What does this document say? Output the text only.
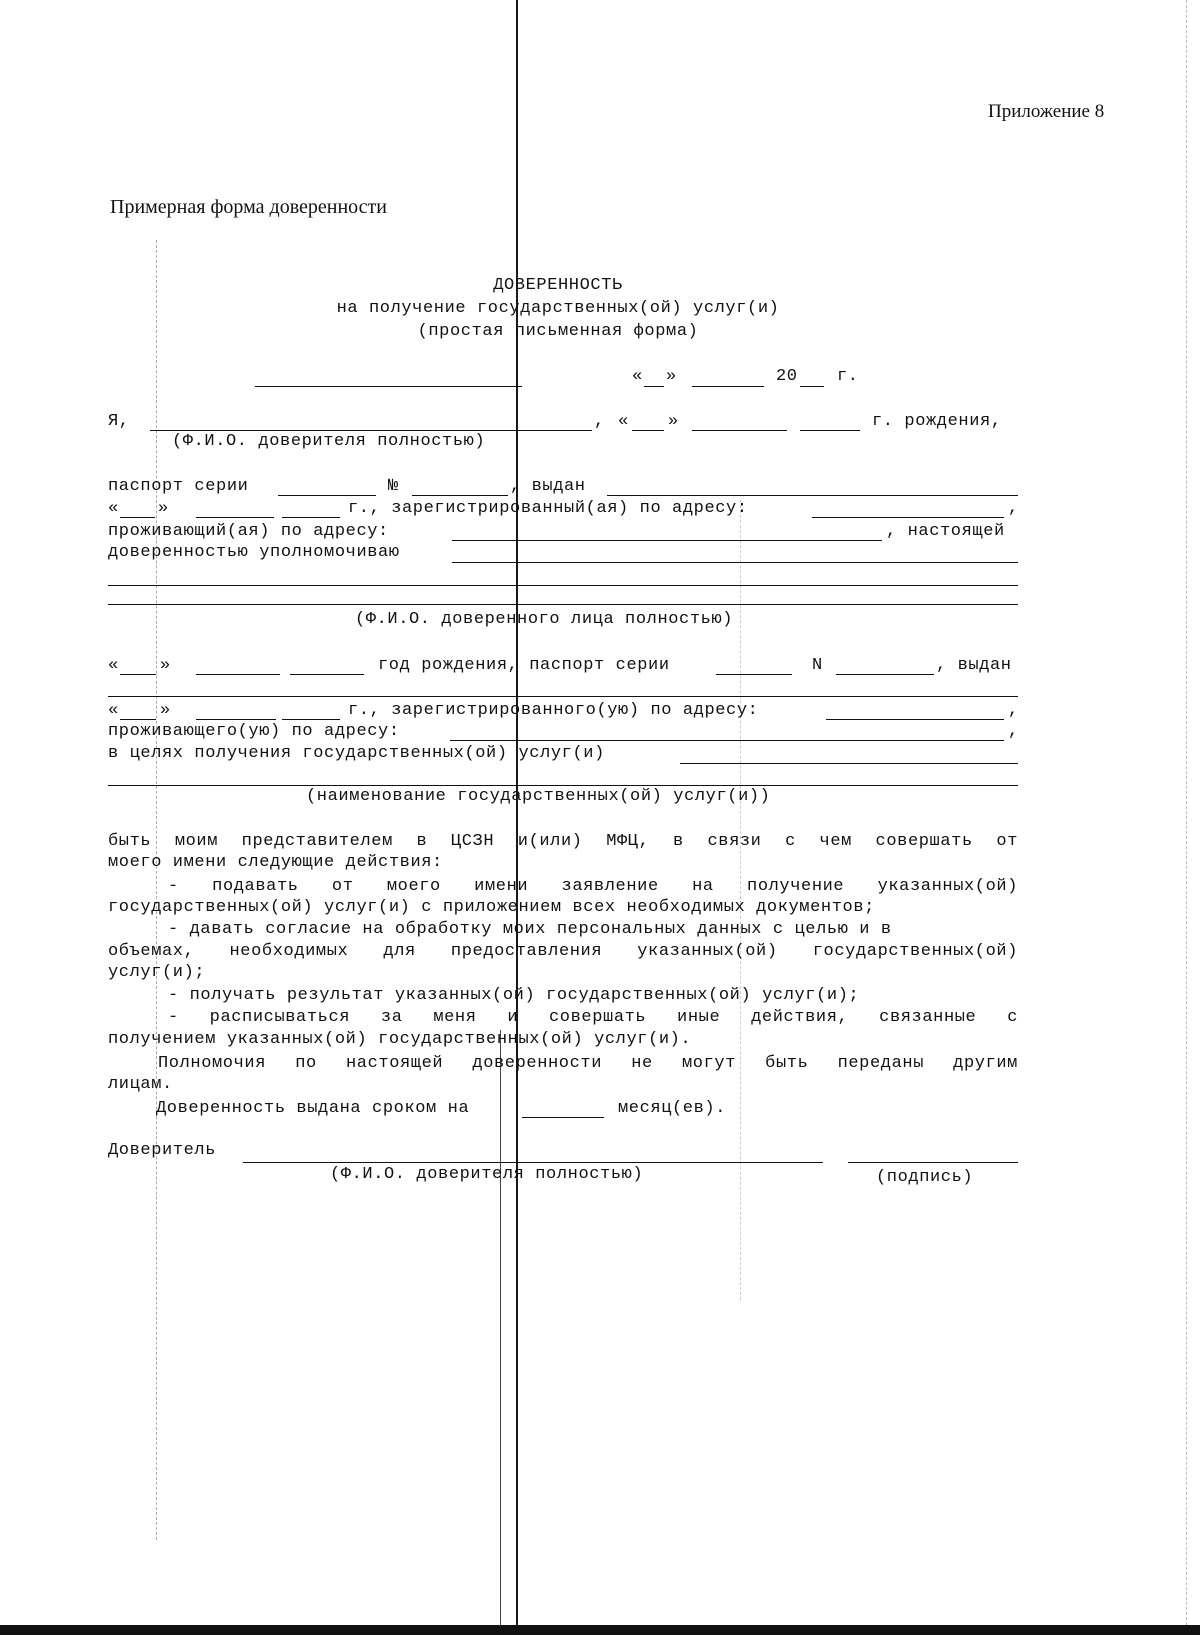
Приложение 8
Примерная форма доверенности
ДОВЕРЕННОСТЬ
на получение государственных(ой) услуг(и)
(простая письменная форма)
« »	20 г.
Я,	, « »	г. рождения,
(Ф.И.О. доверителя полностью)
паспорт серии	№	, выдан
« »	г., зарегистрированный(ая) по адресу:	,
проживающий(ая) по адресу:	, настоящей
доверенностью уполномочиваю
(Ф.И.О. доверенного лица полностью)
« »	год рождения, паспорт серии	N	, выдан
« »	г., зарегистрированного(ую) по адресу:	,
проживающего(ую) по адресу:	,
в целях получения государственных(ой) услуг(и)
(наименование государственных(ой) услуг(и))
быть моим представителем в ЦСЗН и(или) МФЦ, в связи с чем совершать от
моего имени следующие действия:
- подавать от моего имени заявление на получение указанных(ой)
государственных(ой) услуг(и) с приложением всех необходимых документов;
- давать согласие на обработку моих персональных данных с целью и в
объемах, необходимых для предоставления указанных(ой) государственных(ой)
услуг(и);
- получать результат указанных(ой) государственных(ой) услуг(и);
- расписываться за меня и совершать иные действия, связанные с
получением указанных(ой) государственных(ой) услуг(и).
Полномочия по настоящей доверенности не могут быть переданы другим
лицам.
Доверенность выдана сроком на	месяц(ев).
Доверитель
(Ф.И.О. доверителя полностью)	(подпись)
